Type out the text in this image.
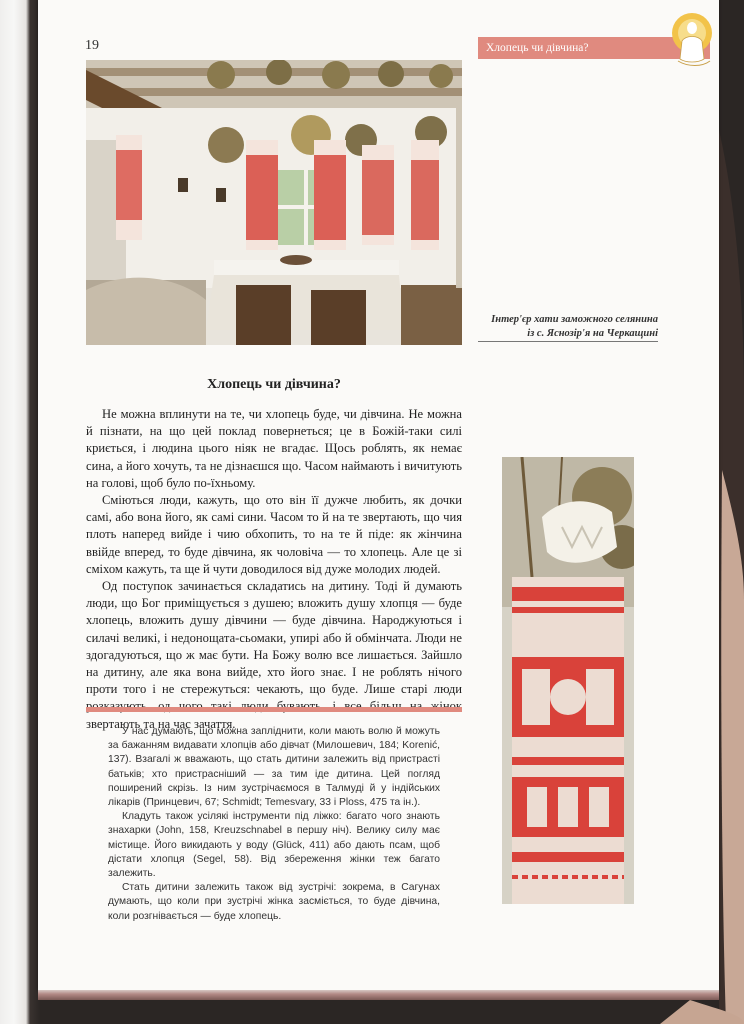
19	Хлопець чи дівчина?
Інтер'єр хати заможного селянина
із с. Яснозір'я на Черкащині
Хлопець чи дівчина?

Не можна вплинути на те, чи хлопець буде, чи дівчина. Не можна й пізнати, на що цей поклад повернеться; це в Божій-таки силі криється, і людина цього ніяк не вгадає. Щось роблять, як немає сина, а його хочуть, та не дізнаєшся що. Часом наймають і вичитують на голові, щоб було по-їхньому.

Сміються люди, кажуть, що ото він її дужче любить, як дочки самі, або вона його, як самі сини. Часом то й на те звертають, що чия плоть наперед вийде і чию обхопить, то на те й піде: як жінчина ввійде вперед, то буде дівчина, як чоловіча — то хлопець. Але це зі сміхом кажуть, та ще й чути доводилося від дуже молодих людей.

Од поступок зачинається складатись на дитину. Тоді й думають люди, що Бог приміщується з душею; вложить душу хлопця — буде хлопець, вложить душу дівчини — буде дівчина. Народжуються і силачі великі, і недонощата-сьомаки, упирі або й обмінчата. Люди не здогадуються, що ж має бути. На Божу волю все лишається. Зайшло на дитину, але яка вона вийде, хто його знає. І не роблять нічого проти того і не стережуться: чекають, що буде. Лише старі люди звертають та на час зачаття.

У нас думають, що можна запліднити, коли мають волю й можуть за бажанням видавати хлопців або дівчат (Милошевич, 184; Korenić, 137). Взагалі ж вважають, що стать дитини залежить від пристрасті батьків; хто пристрасніший — за тим іде дитина. Цей погляд поширений скрізь. Із ним зустрічаємося в Талмуді й у індійських лікарів (Принцевич, 67; Schmidt; Temesvary, 33 і Ploss, 475 та ін.).

Кладуть також усілякі інструменти під ліжко: багато чого знають знахарки (John, 158, Kreuzschnabel в першу ніч). Велику силу має містище. Його викидають у воду (Glück, 411) або дають псам, щоб дістати хлопця (Segel, 58). Від збереження жінки теж багато залежить.

Стать дитини залежить також від зустрічі: зокрема, в Сагунах думають, що коли при зустрічі жінка засміється, то буде дівчина, коли розгнівається — буде хлопець.
